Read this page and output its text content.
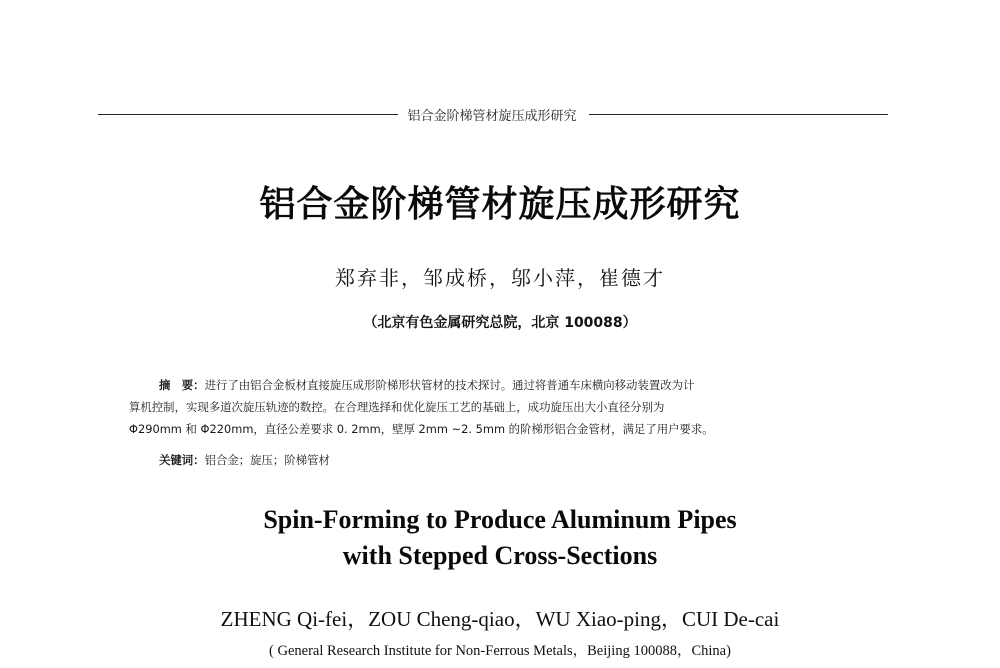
铝合金阶梯管材旋压成形研究
铝合金阶梯管材旋压成形研究
郑弃非，邹成桥，邬小萍，崔德才
（北京有色金属研究总院，北京 100088）
摘　要：进行了由铝合金板材直接旋压成形阶梯形状管材的技术探讨。通过将普通车床横向移动装置改为计
算机控制，实现多道次旋压轨迹的数控。在合理选择和优化旋压工艺的基础上，成功旋压出大小直径分别为
Φ290mm 和 Φ220mm，直径公差要求 0. 2mm，壁厚 2mm ~2. 5mm 的阶梯形铝合金管材，满足了用户要求。
关键词：铝合金；旋压；阶梯管材
Spin-Forming to Produce Aluminum Pipes
with Stepped Cross-Sections
ZHENG Qi-fei，ZOU Cheng-qiao，WU Xiao-ping，CUI De-cai
( General Research Institute for Non-Ferrous Metals，Beijing 100088，China)
